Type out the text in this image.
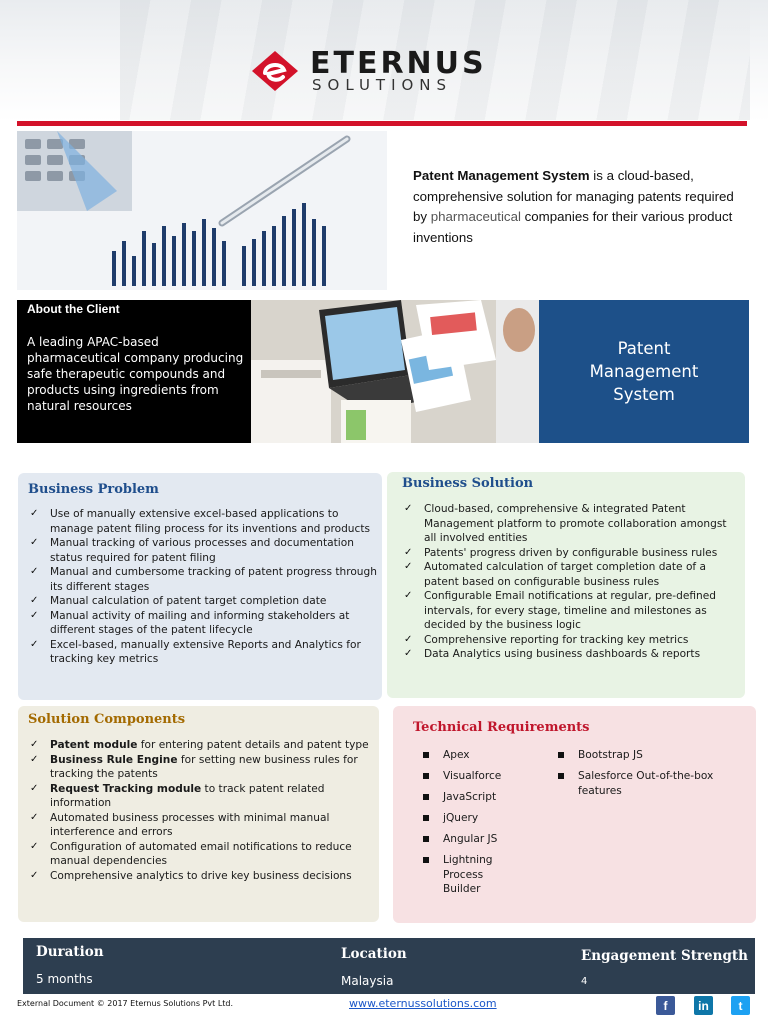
ETERNUS
SOLUTIONS
Patent Management System is a cloud-based, comprehensive solution for managing patents required by pharmaceutical companies for their various product inventions
About the Client
A leading APAC-based pharmaceutical company producing safe therapeutic compounds and products using ingredients from natural resources
Patent Management System
Business Problem
✓ Use of manually extensive excel-based applications to manage patent filing process for its inventions and products
✓ Manual tracking of various processes and documentation status required for patent filing
✓ Manual and cumbersome tracking of patent progress through its different stages
✓ Manual calculation of patent target completion date
✓ Manual activity of mailing and informing stakeholders at different stages of the patent lifecycle
✓ Excel-based, manually extensive Reports and Analytics for tracking key metrics
Business Solution
✓ Cloud-based, comprehensive & integrated Patent Management platform to promote collaboration amongst all involved entities
✓ Patents' progress driven by configurable business rules
✓ Automated calculation of target completion date of a patent based on configurable business rules
✓ Configurable Email notifications at regular, pre-defined intervals, for every stage, timeline and milestones as decided by the business logic
✓ Comprehensive reporting for tracking key metrics
✓ Data Analytics using business dashboards & reports
Solution Components
✓ Patent module for entering patent details and patent type
✓ Business Rule Engine for setting new business rules for tracking the patents
✓ Request Tracking module to track patent related information
✓ Automated business processes with minimal manual interference and errors
✓ Configuration of automated email notifications to reduce manual dependencies
✓ Comprehensive analytics to drive key business decisions
Technical Requirements
Apex
Visualforce
JavaScript
jQuery
Angular JS
Lightning Process Builder
Bootstrap JS
Salesforce Out-of-the-box features
Duration
5 months
Location
Malaysia
Engagement Strength
4
External Document © 2017 Eternus Solutions Pvt Ltd.	www.eternussolutions.com	f	in	t
